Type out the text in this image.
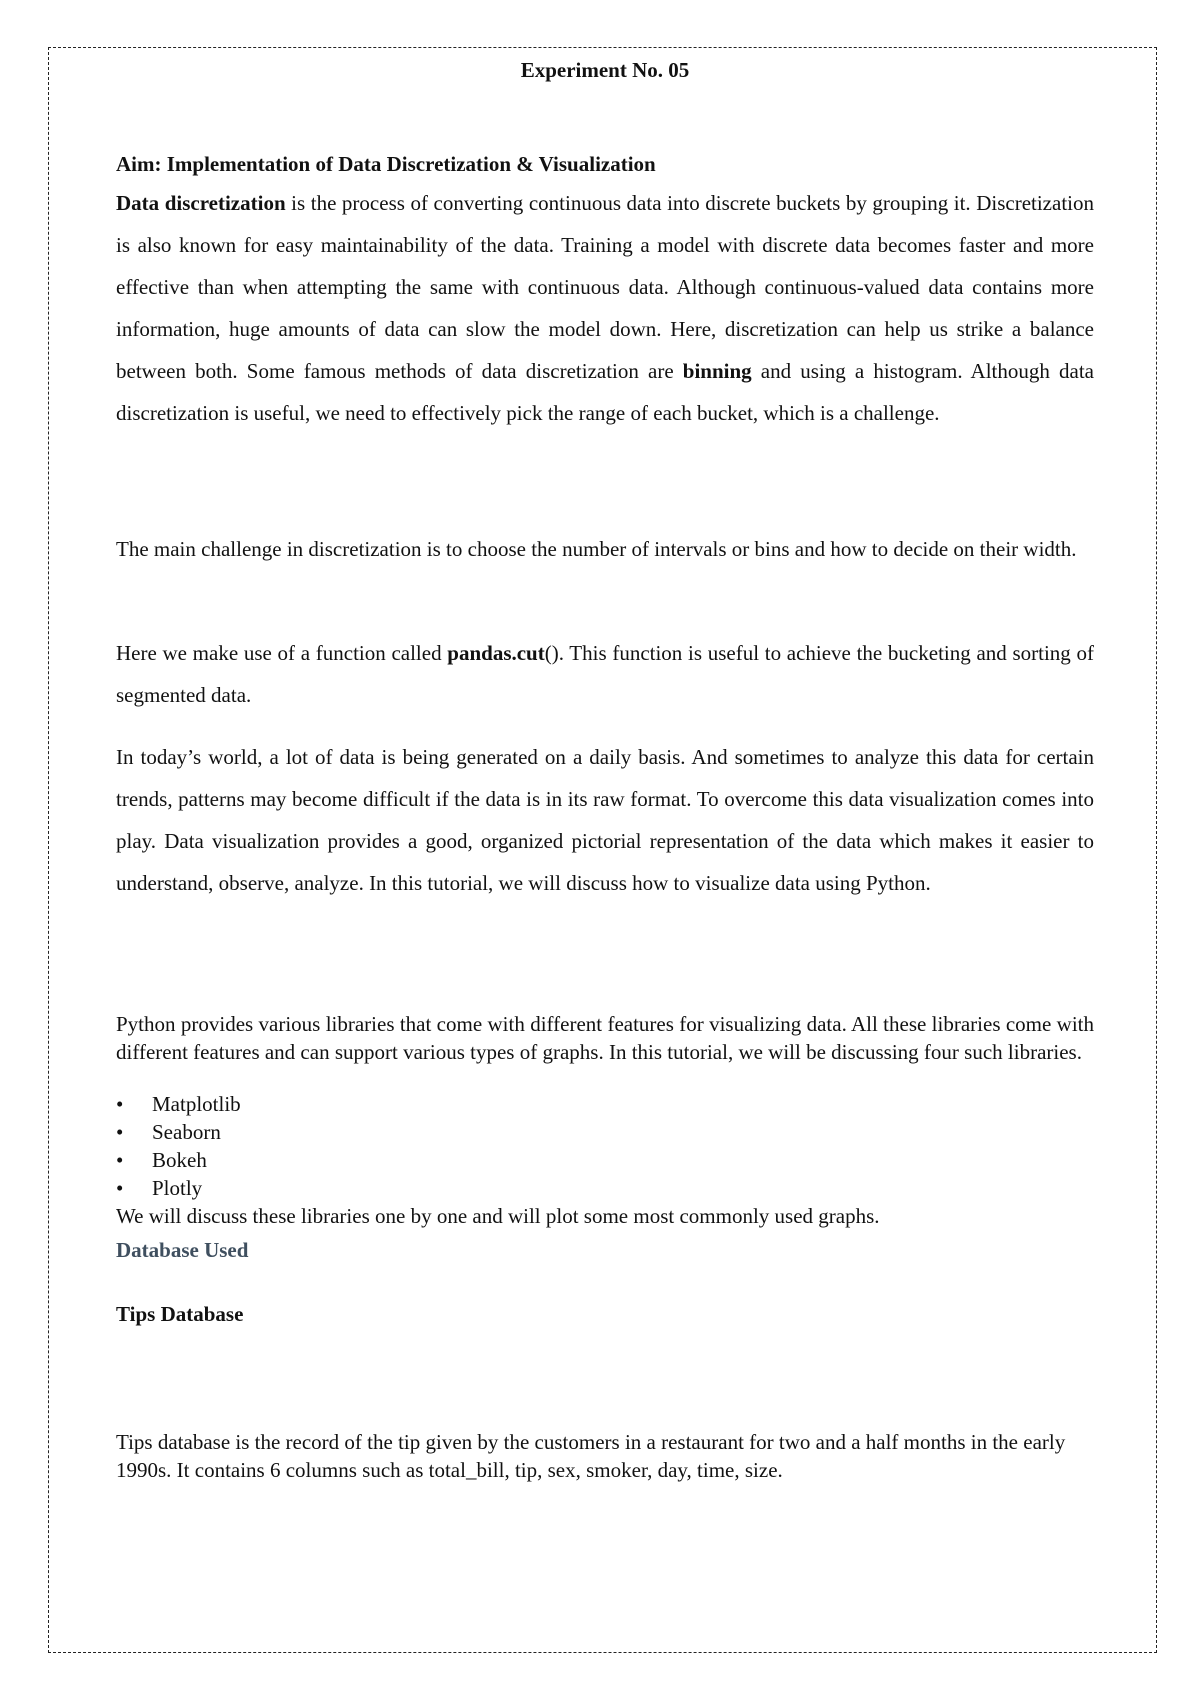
Experiment No. 05
Aim: Implementation of Data Discretization & Visualization

Data discretization is the process of converting continuous data into discrete buckets by grouping it. Discretization is also known for easy maintainability of the data. Training a model with discrete data becomes faster and more effective than when attempting the same with continuous data. Although continuous-valued data contains more information, huge amounts of data can slow the model down. Here, discretization can help us strike a balance between both. Some famous methods of data discretization are binning and using a histogram. Although data discretization is useful, we need to effectively pick the range of each bucket, which is a challenge.

The main challenge in discretization is to choose the number of intervals or bins and how to decide on their width.

Here we make use of a function called pandas.cut(). This function is useful to achieve the bucketing and sorting of segmented data.

In today’s world, a lot of data is being generated on a daily basis. And sometimes to analyze this data for certain trends, patterns may become difficult if the data is in its raw format. To overcome this data visualization comes into play. Data visualization provides a good, organized pictorial representation of the data which makes it easier to understand, observe, analyze. In this tutorial, we will discuss how to visualize data using Python.

Python provides various libraries that come with different features for visualizing data. All these libraries come with different features and can support various types of graphs. In this tutorial, we will be discussing four such libraries.

• Matplotlib
• Seaborn
• Bokeh
• Plotly

We will discuss these libraries one by one and will plot some most commonly used graphs.

Database Used
Tips Database

Tips database is the record of the tip given by the customers in a restaurant for two and a half months in the early 1990s. It contains 6 columns such as total_bill, tip, sex, smoker, day, time, size.
